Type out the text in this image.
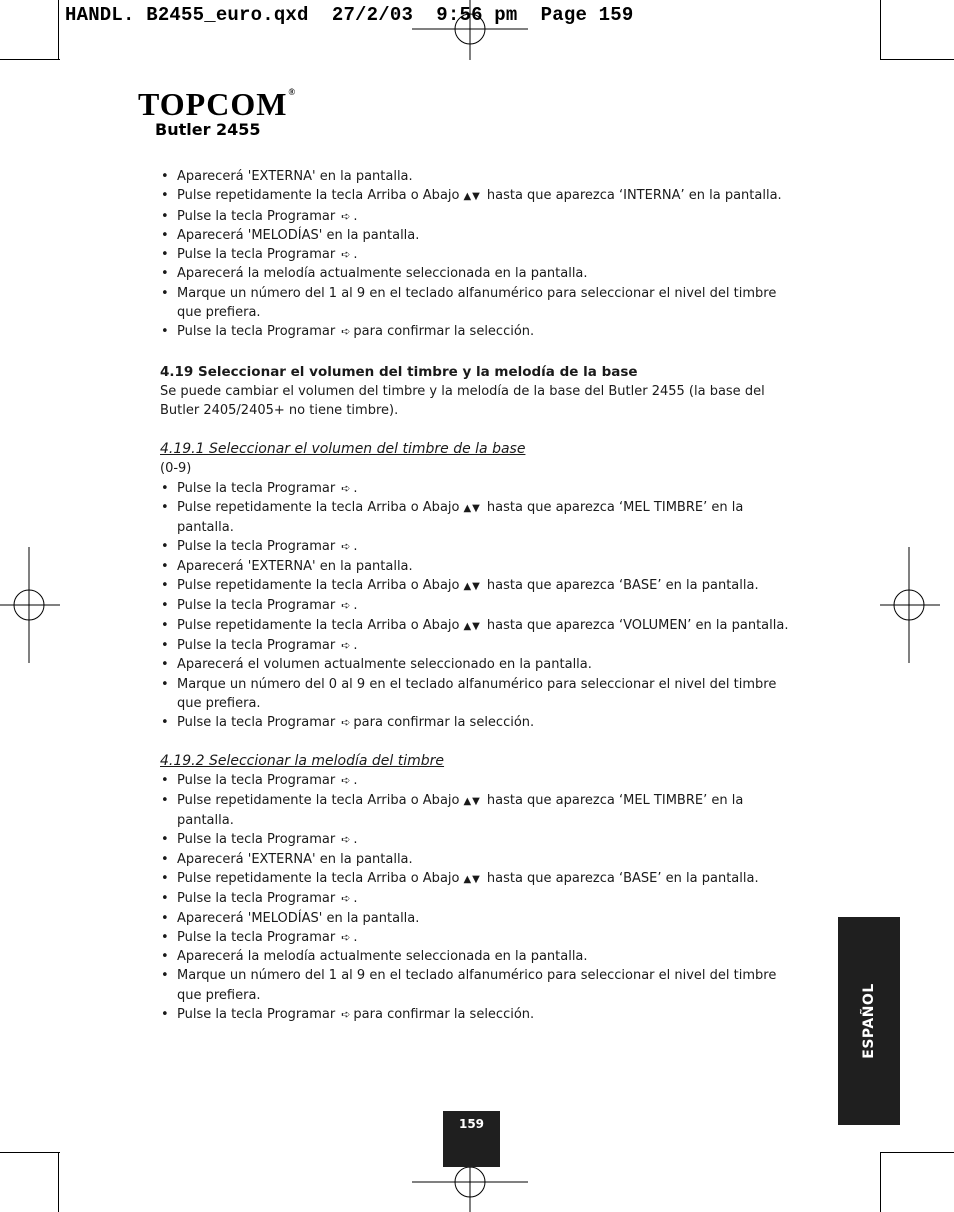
HANDL. B2455_euro.qxd  27/2/03  9:56 pm  Page 159
TOPCOM®
Butler 2455
• Aparecerá 'EXTERNA' en la pantalla.
• Pulse repetidamente la tecla Arriba o Abajo ▲▼ hasta que aparezca ‘INTERNA’ en la pantalla.
• Pulse la tecla Programar ➪ .
• Aparecerá 'MELODÍAS' en la pantalla.
• Pulse la tecla Programar ➪ .
• Aparecerá la melodía actualmente seleccionada en la pantalla.
• Marque un número del 1 al 9 en el teclado alfanumérico para seleccionar el nivel del timbre que prefiera.
• Pulse la tecla Programar ➪ para confirmar la selección.
4.19 Seleccionar el volumen del timbre y la melodía de la base

Se puede cambiar el volumen del timbre y la melodía de la base del Butler 2455 (la base del Butler 2405/2405+ no tiene timbre).

4.19.1 Seleccionar el volumen del timbre de la base

(0-9)

• Pulse la tecla Programar ➪ .
• Pulse repetidamente la tecla Arriba o Abajo ▲▼ hasta que aparezca ‘MEL TIMBRE’ en la pantalla.
• Pulse la tecla Programar ➪ .
• Aparecerá 'EXTERNA' en la pantalla.
• Pulse repetidamente la tecla Arriba o Abajo ▲▼ hasta que aparezca ‘BASE’ en la pantalla.
• Pulse la tecla Programar ➪ .
• Pulse repetidamente la tecla Arriba o Abajo ▲▼ hasta que aparezca ‘VOLUMEN’ en la pantalla.
• Pulse la tecla Programar ➪ .
• Aparecerá el volumen actualmente seleccionado en la pantalla.
• Marque un número del 0 al 9 en el teclado alfanumérico para seleccionar el nivel del timbre que prefiera.
• Pulse la tecla Programar ➪ para confirmar la selección.
4.19.2 Seleccionar la melodía del timbre
• Pulse la tecla Programar ➪ .
• Pulse repetidamente la tecla Arriba o Abajo ▲▼ hasta que aparezca ‘MEL TIMBRE’ en la pantalla.
• Pulse la tecla Programar ➪ .
• Aparecerá 'EXTERNA' en la pantalla.
• Pulse repetidamente la tecla Arriba o Abajo ▲▼ hasta que aparezca ‘BASE’ en la pantalla.
• Pulse la tecla Programar ➪ .
• Aparecerá 'MELODÍAS' en la pantalla.
• Pulse la tecla Programar ➪ .
• Aparecerá la melodía actualmente seleccionada en la pantalla.
• Marque un número del 1 al 9 en el teclado alfanumérico para seleccionar el nivel del timbre que prefiera.
• Pulse la tecla Programar ➪ para confirmar la selección.	ESPAÑOL
159
